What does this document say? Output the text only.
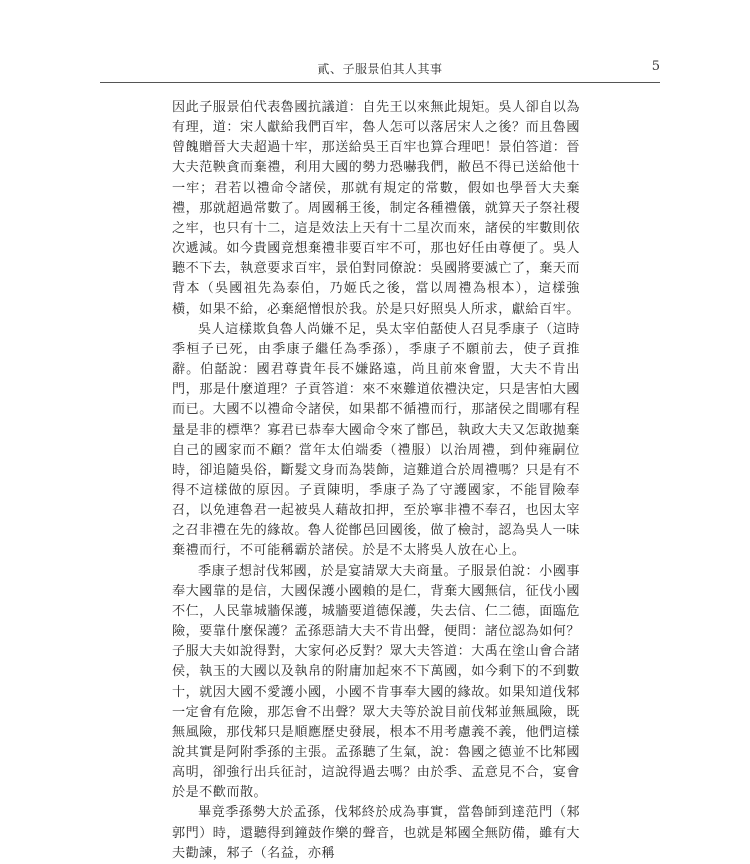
貳、子服景伯其人其事	5

因此子服景伯代表魯國抗議道：自先王以來無此規矩。吳人卻自以為有理，道：宋人獻給我們百牢，魯人怎可以落居宋人之後？而且魯國曾餽贈晉大夫超過十牢，那送給吳王百牢也算合理吧！景伯答道：晉大夫范鞅貪而棄禮，利用大國的勢力恐嚇我們，敝邑不得已送給他十一牢；君若以禮命令諸侯，那就有規定的常數，假如也學晉大夫棄禮，那就超過常數了。周國稱王後，制定各種禮儀，就算天子祭社稷之牢，也只有十二，這是效法上天有十二星次而來，諸侯的牢數則依次遞減。如今貴國竟想棄禮非要百牢不可，那也好任由尊便了。吳人聽不下去，執意要求百牢，景伯對同僚說：吳國將要滅亡了，棄天而背本（吳國祖先為泰伯，乃姬氏之後，當以周禮為根本），這樣強橫，如果不給，必棄絕憎恨於我。於是只好照吳人所求，獻給百牢。

吳人這樣欺負魯人尚嫌不足，吳太宰伯嚭使人召見季康子（這時季桓子已死，由季康子繼任為季孫），季康子不願前去，使子貢推辭。伯嚭說：國君尊貴年長不嫌路遠，尚且前來會盟，大夫不肯出門，那是什麼道理？子貢答道：來不來難道依禮決定，只是害怕大國而已。大國不以禮命令諸侯，如果都不循禮而行，那諸侯之間哪有程量是非的標準？寡君已恭奉大國命令來了鄫邑，執政大夫又怎敢拋棄自己的國家而不顧？當年太伯端委（禮服）以治周禮，到仲雍嗣位時，卻追隨吳俗，斷髮文身而為裝飾，這難道合於周禮嗎？只是有不得不這樣做的原因。子貢陳明，季康子為了守護國家，不能冒險奉召，以免連魯君一起被吳人藉故扣押，至於寧非禮不奉召，也因太宰之召非禮在先的緣故。魯人從鄫邑回國後，做了檢討，認為吳人一味棄禮而行，不可能稱霸於諸侯。於是不太將吳人放在心上。

季康子想討伐邾國，於是宴請眾大夫商量。子服景伯說：小國事奉大國靠的是信，大國保護小國賴的是仁，背棄大國無信，征伐小國不仁，人民靠城牆保護，城牆要道德保護，失去信、仁二德，面臨危險，要靠什麼保護？孟孫惡請大夫不肯出聲，便問：諸位認為如何？子服大夫如說得對，大家何必反對？眾大夫答道：大禹在塗山會合諸侯，執玉的大國以及執帛的附庸加起來不下萬國，如今剩下的不到數十，就因大國不愛護小國，小國不肯事奉大國的緣故。如果知道伐邾一定會有危險，那怎會不出聲？眾大夫等於說目前伐邾並無風險，既無風險，那伐邾只是順應歷史發展，根本不用考慮義不義，他們這樣說其實是阿附季孫的主張。孟孫聽了生氣，說：魯國之德並不比邾國高明，卻強行出兵征討，這說得過去嗎？由於季、孟意見不合，宴會於是不歡而散。

畢竟季孫勢大於孟孫，伐邾終於成為事實，當魯師到達范門（邾郭門）時，還聽得到鐘鼓作樂的聲音，也就是邾國全無防備，雖有大夫勸諫，邾子（名益，亦稱
